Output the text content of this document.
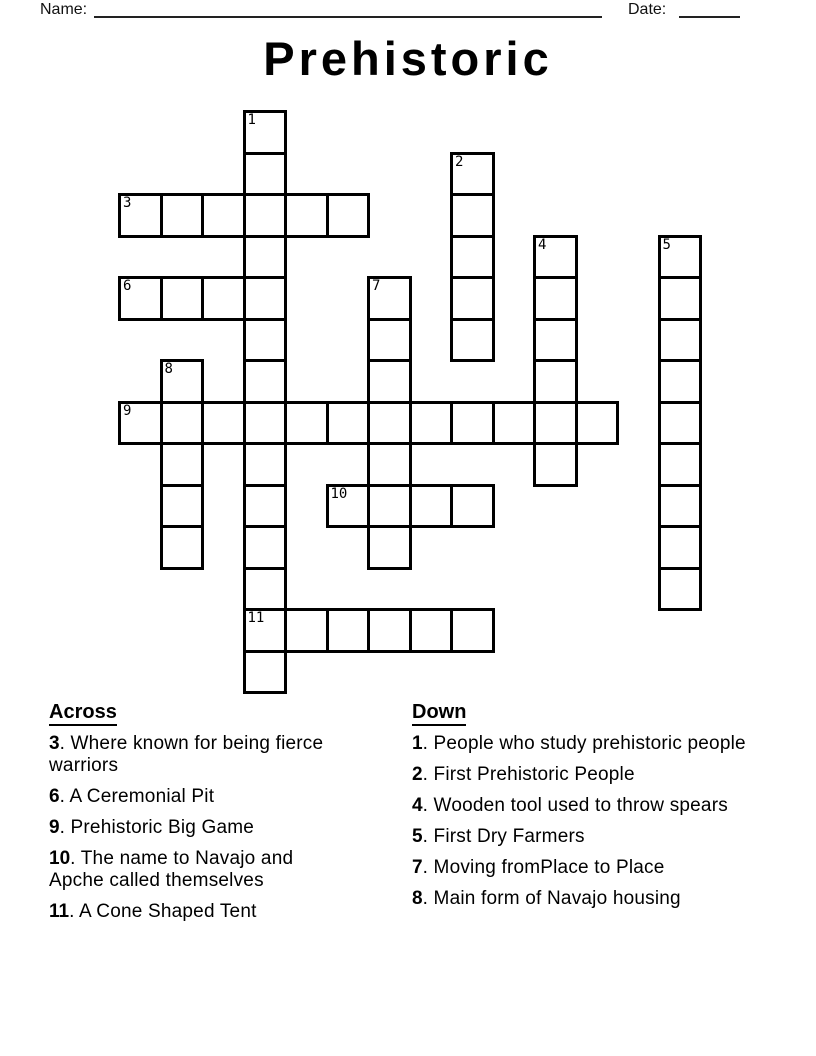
Name:	Date:
Prehistoric
1
11
2
3
4	5
6	7
8
9
10
Across

3. Where known for being fierce warriors

6. A Ceremonial Pit

9. Prehistoric Big Game

10. The name to Navajo and Apche called themselves

11. A Cone Shaped Tent

Down

1. People who study prehistoric people

2. First Prehistoric People

4. Wooden tool used to throw spears

5. First Dry Farmers

7. Moving fromPlace to Place

8. Main form of Navajo housing
